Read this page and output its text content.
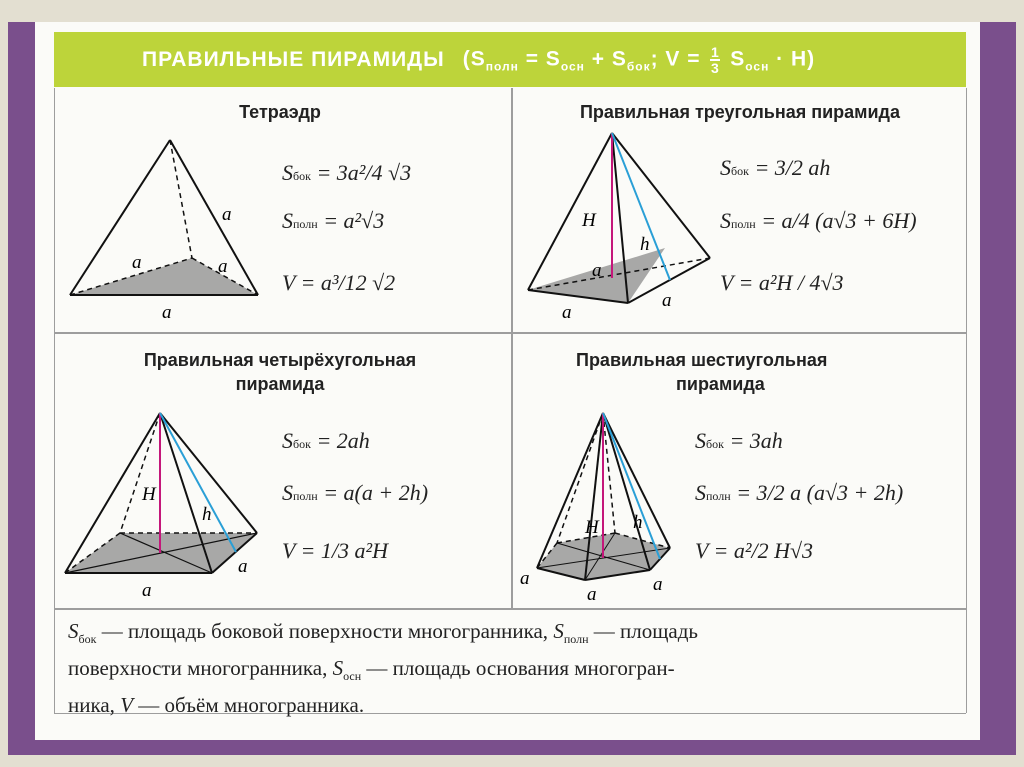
ПРАВИЛЬНЫЕ ПИРАМИДЫ ($S_{полн} = S_{осн} + S_{бок}$; $V = \frac{1}{3} S_{осн} \cdot H$)
Тетраэдр
a
a	a
a
Sбок = 3a²/4 √3
Sполн = a²√3
V = a³/12 √2
Правильная треугольная пирамида
H
h
a
a
a
Sбок = 3/2 ah
Sполн = a/4 (a√3 + 6H)
V = a²H / 4√3
Правильная четырёхугольная
пирамида
H
h
a
a
Sбок = 2ah
Sполн = a(a + 2h)
V = 1/3 a²H
Правильная шестиугольная
пирамида
H h
a
a	a
Sбок = 3ah
Sполн = 3/2 a (a√3 + 2h)
V = a²/2 H√3
$S_{бок}$ — площадь боковой поверхности многогранника, $S_{полн}$ — площадь
поверхности многогранника, $S_{осн}$ — площадь основания многогран-
ника, V — объём многогранника.
